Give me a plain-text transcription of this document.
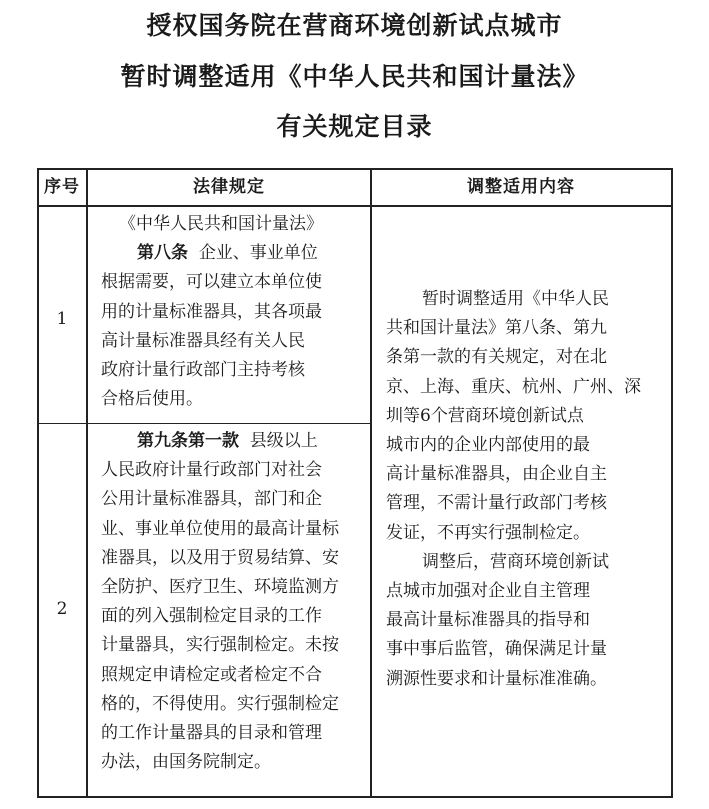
授权国务院在营商环境创新试点城市
暂时调整适用《中华人民共和国计量法》
有关规定目录
序号	法律规定	调整适用内容
1

《中华人民共和国计量法》

第八条 企业、事业单位

根据需要，可以建立本单位使

用的计量标准器具，其各项最

高计量标准器具经有关人民

政府计量行政部门主持考核

合格后使用。

2

第九条第一款 县级以上

人民政府计量行政部门对社会

公用计量标准器具，部门和企

业、事业单位使用的最高计量标

准器具，以及用于贸易结算、安

全防护、医疗卫生、环境监测方

面的列入强制检定目录的工作

计量器具，实行强制检定。未按

照规定申请检定或者检定不合

格的，不得使用。实行强制检定

的工作计量器具的目录和管理

办法，由国务院制定。

暂时调整适用《中华人民

共和国计量法》第八条、第九

条第一款的有关规定，对在北

京、上海、重庆、杭州、广州、深

圳等6个营商环境创新试点

城市内的企业内部使用的最

高计量标准器具，由企业自主

管理，不需计量行政部门考核

发证，不再实行强制检定。

调整后，营商环境创新试

点城市加强对企业自主管理

最高计量标准器具的指导和

事中事后监管，确保满足计量

溯源性要求和计量标准准确。
